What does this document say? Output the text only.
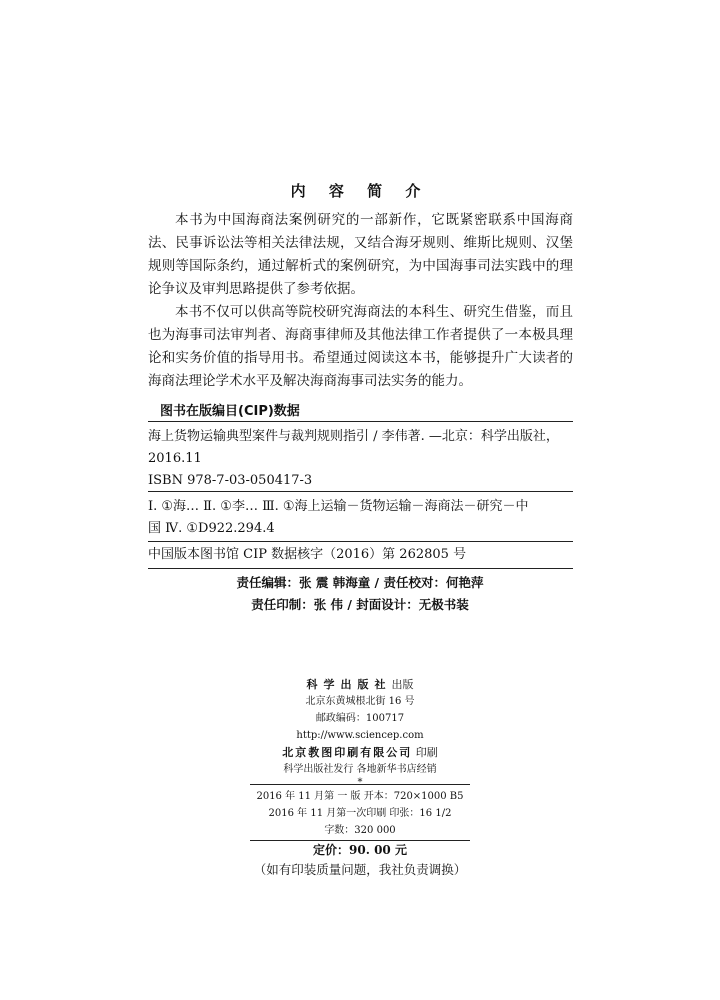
内 容 简 介

本书为中国海商法案例研究的一部新作，它既紧密联系中国海商法、民事诉讼法等相关法律法规，又结合海牙规则、维斯比规则、汉堡规则等国际条约，通过解析式的案例研究，为中国海事司法实践中的理论争议及审判思路提供了参考依据。

本书不仅可以供高等院校研究海商法的本科生、研究生借鉴，而且也为海事司法审判者、海商事律师及其他法律工作者提供了一本极具理论和实务价值的指导用书。希望通过阅读这本书，能够提升广大读者的海商法理论学术水平及解决海商海事司法实务的能力。

图书在版编目(CIP)数据
海上货物运输典型案件与裁判规则指引 / 李伟著. —北京：科学出版社，
2016.11
ISBN 978-7-03-050417-3
Ⅰ. ①海… Ⅱ. ①李… Ⅲ. ①海上运输－货物运输－海商法－研究－中
国 Ⅳ. ①D922.294.4
中国版本图书馆 CIP 数据核字（2016）第 262805 号
责任编辑：张 震 韩海童 / 责任校对：何艳萍
责任印制：张 伟 / 封面设计：无极书装
科学出版社出版
北京东黄城根北街 16 号
邮政编码：100717
http://www.sciencep.com
北京教图印刷有限公司 印刷
科学出版社发行 各地新华书店经销
*
2016 年 11 月第 一 版 开本：720×1000 B5
2016 年 11 月第一次印刷 印张：16 1/2
字数：320 000
定价：90. 00 元
（如有印装质量问题，我社负责调换）
